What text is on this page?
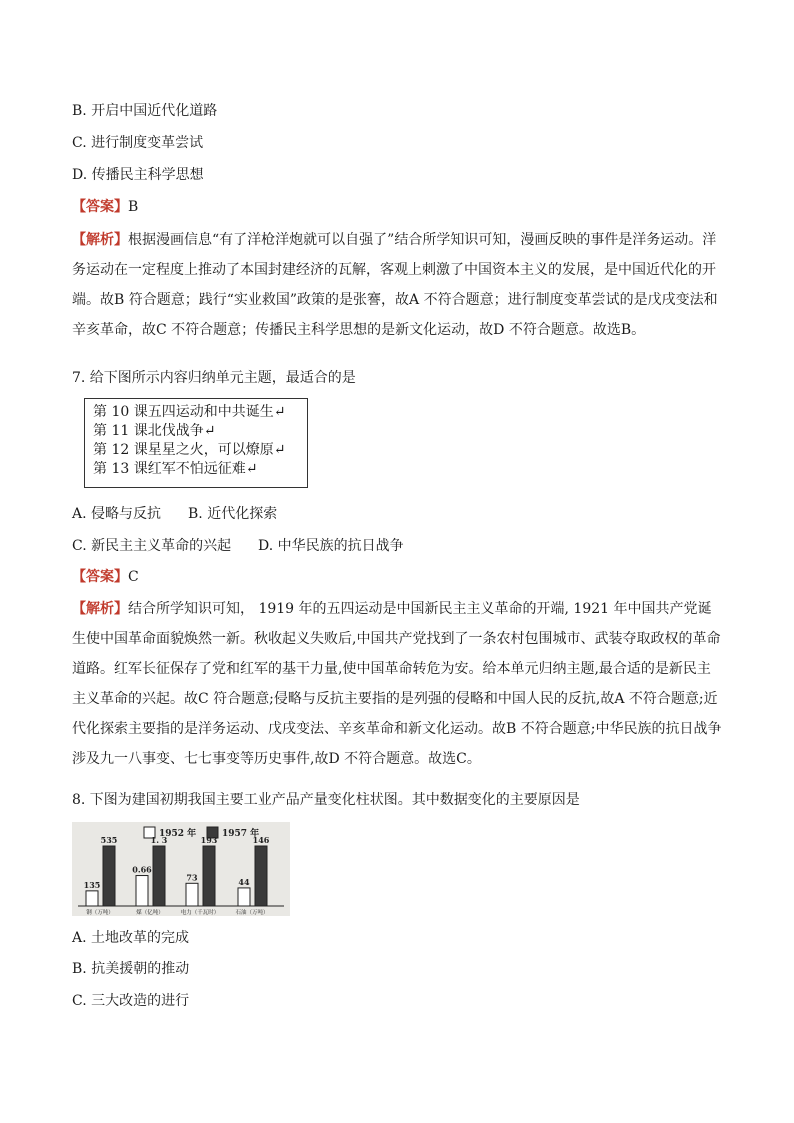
B. 开启中国近代化道路
C. 进行制度变革尝试
D. 传播民主科学思想
【答案】B
【解析】根据漫画信息“有了洋枪洋炮就可以自强了”结合所学知识可知，漫画反映的事件是洋务运动。洋务运动在一定程度上推动了本国封建经济的瓦解，客观上刺激了中国资本主义的发展，是中国近代化的开端。故B 符合题意；践行“实业救国”政策的是张謇，故A 不符合题意；进行制度变革尝试的是戊戌变法和辛亥革命，故C 不符合题意；传播民主科学思想的是新文化运动，故D 不符合题意。故选B。
7. 给下图所示内容归纳单元主题，最适合的是
第 10 课五四运动和中共诞生↵
第 11 课北伐战争↵
第 12 课星星之火，可以燎原↵
第 13 课红军不怕远征难↵
A. 侵略与反抗 B. 近代化探索
C. 新民主主义革命的兴起 D. 中华民族的抗日战争
【答案】C
【解析】结合所学知识可知， 1919 年的五四运动是中国新民主主义革命的开端, 1921 年中国共产党诞生使中国革命面貌焕然一新。秋收起义失败后,中国共产党找到了一条农村包围城市、武装夺取政权的革命道路。红军长征保存了党和红军的基干力量,使中国革命转危为安。给本单元归纳主题,最合适的是新民主主义革命的兴起。故C 符合题意;侵略与反抗主要指的是列强的侵略和中国人民的反抗,故A 不符合题意;近代化探索主要指的是洋务运动、戊戌变法、辛亥革命和新文化运动。故B 不符合题意;中华民族的抗日战争涉及九一八事变、七七事变等历史事件,故D 不符合题意。故选C。
8. 下图为建国初期我国主要工业产品产量变化柱状图。其中数据变化的主要原因是
1952 年	1957 年
135
535
钢（万吨）
0.66
1. 3
煤（亿吨）
73
193
电力（千瓦时）
44
146
石油（万吨）
A. 土地改革的完成
B. 抗美援朝的推动
C. 三大改造的进行
